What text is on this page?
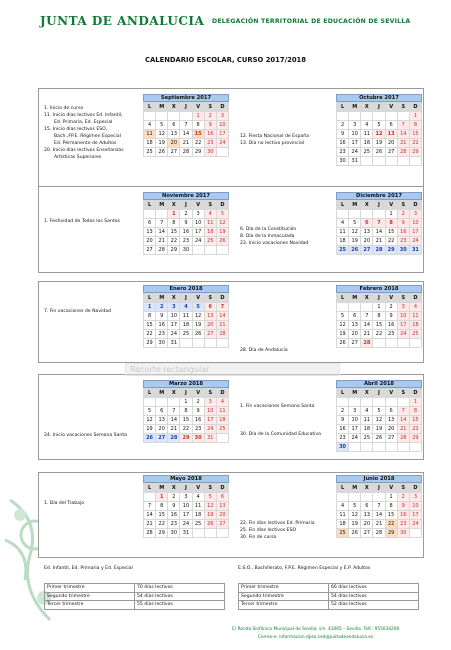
JUNTA DE ANDALUCIA DELEGACIÓN TERRITORIAL DE EDUCACIÓN DE SEVILLA
CALENDARIO ESCOLAR, CURSO 2017/2018
Septiembre 2017
L	M	X	J	V	S	D
				1	2	3
4	5	6	7	8	9	10
11	12	13	14	15	16	17
18	19	20	21	22	23	24
25	26	27	28	29	30	
Octubre 2017
L	M	X	J	V	S	D
						1
2	3	4	5	6	7	8
9	10	11	12	13	14	15
16	17	18	19	20	21	22
23	24	25	26	27	28	29
30	31					
Noviembre 2017
L	M	X	J	V	S	D
		1	2	3	4	5
6	7	8	9	10	11	12
13	14	15	16	17	18	19
20	21	22	23	24	25	26
27	28	29	30			
Diciembre 2017
L	M	X	J	V	S	D
				1	2	3
4	5	6	7	8	9	10
11	12	13	14	15	16	17
18	19	20	21	22	23	24
25	26	27	28	29	30	31
Enero 2018
L	M	X	J	V	S	D
1	2	3	4	5	6	7
8	9	10	11	12	13	14
15	16	17	18	19	20	21
22	23	24	25	26	27	28
29	30	31				
Febrero 2018
L	M	X	J	V	S	D
			1	2	3	4
5	6	7	8	9	10	11
12	13	14	15	16	17	18
19	20	21	22	23	24	25
26	27	28				
Marzo 2018
L	M	X	J	V	S	D
			1	2	3	4
5	6	7	8	9	10	11
12	13	14	15	16	17	18
19	20	21	22	23	24	25
26	27	28	29	30	31	
Abril 2018
L	M	X	J	V	S	D
						1
2	3	4	5	6	7	8
9	10	11	12	13	14	15
16	17	18	19	20	21	22
23	24	25	26	27	28	29
30						
Mayo 2018
L	M	X	J	V	S	D
	1	2	3	4	5	6
7	8	9	10	11	12	13
14	15	16	17	18	19	20
21	22	23	24	25	26	27
28	29	30	31			
Junio 2018
L	M	X	J	V	S	D
				1	2	3
4	5	6	7	8	9	10
11	12	13	14	15	16	17
18	19	20	21	22	23	24
25	26	27	28	29	30	
1. Inicio de curso
11. Inicio días lectivos Ed. Infantil,
Ed. Primaria, Ed. Especial
15. Inicio días lectivos ESO,
Bach.,FP.E. Régimen Especial
Ed. Permanente de Adultos
20. Inicio días lectivos Enseñanzas
Artísticas Superiores
12. Fiesta Nacional de España
13. Día no lectivo provincial
1. Festividad de Todos los Santos
6. Día de la Constitución
8. Día de la Inmaculada
23. Inicio vacaciones Navidad
7. Fin vacaciones de Navidad
28. Día de Andalucía
24. Inicio vacaciones Semana Santa
1. Fin vacaciones Semana Santa

30. Día de la Comunidad Educativa
1. Día del Trabajo
22. Fin días lectivos Ed. Primaria
25. Fin días lectivos ESO
30. Fin de curso
Recorte rectangular
Ed. Infantil, Ed. Primaria y Ed. Especial	E.S.O., Bachillerato, F.P.E. Régimen Especial y E.P. Adultos
Primer trimestre	70 días lectivos
Segundo trimestre	54 días lectivos
Tercer trimestre	55 días lectivos
Primer trimestre	66 días lectivos
Segundo trimestre	54 días lectivos
Tercer trimestre	52 días lectivos
C/ Ronda Sinfónico Municipal de Sevilla, s/n. 41005 – Sevilla. Telf.: 955034200
Correo-e: informacion.dpse.ced@juntadeandalucia.es
